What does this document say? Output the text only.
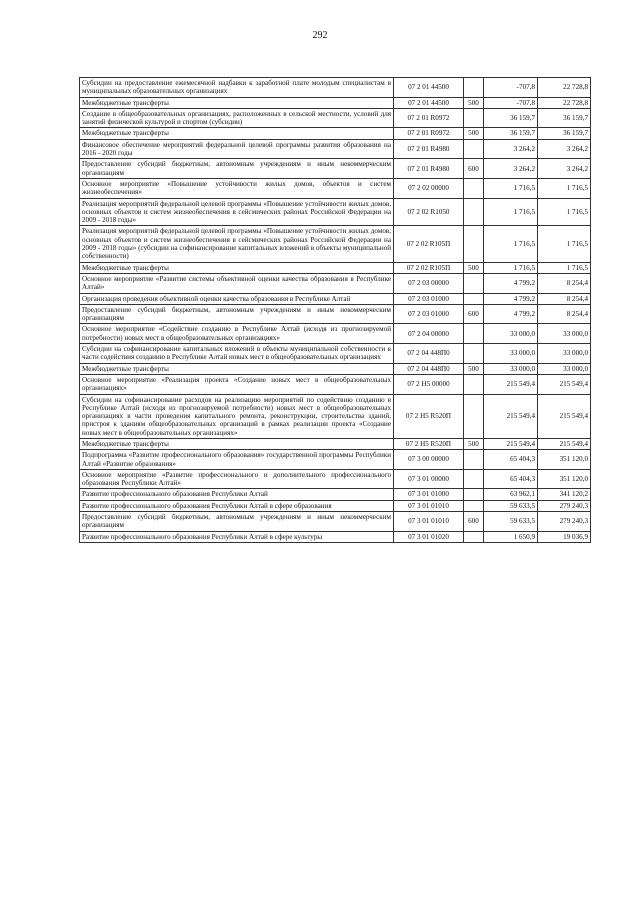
292
Субсидии на предоставление ежемесячной надбавки к заработной плате молодым специалистам в муниципальных образовательных организациях	07 2 01 44500		-707,8	22 728,8
Межбюджетные трансферты	07 2 01 44500	500	-707,8	22 728,8
Создание в общеобразовательных организациях, расположенных в сельской местности, условий для занятий физической культурой и спортом (субсидии)	07 2 01 R0972		36 159,7	36 159,7
Межбюджетные трансферты	07 2 01 R0972	500	36 159,7	36 159,7
Финансовое обеспечение мероприятий федеральной целевой программы развития образования на 2016 - 2020 годы	07 2 01 R4980		3 264,2	3 264,2
Предоставление субсидий бюджетным, автономным учреждениям и иным некоммерческим организациям	07 2 01 R4980	600	3 264,2	3 264,2
Основное мероприятие «Повышение устойчивости жилых домов, объектов и систем жизнеобеспечения»	07 2 02 00000		1 716,5	1 716,5
Реализация мероприятий федеральной целевой программы «Повышение устойчивости жилых домов, основных объектов и систем жизнеобеспечения в сейсмических районах Российской Федерации на 2009 - 2018 годы»	07 2 02 R1050		1 716,5	1 716,5
Реализация мероприятий федеральной целевой программы «Повышение устойчивости жилых домов, основных объектов и систем жизнеобеспечения в сейсмических районах Российской Федерации на 2009 - 2018 годы» (субсидии на софинансирование капитальных вложений в объекты муниципальной собственности)	07 2 02 R105П		1 716,5	1 716,5
Межбюджетные трансферты	07 2 02 R105П	500	1 716,5	1 716,5
Основное мероприятие «Развитие системы объективной оценки качества образования в Республике Алтай»	07 2 03 00000		4 799,2	8 254,4
Организация проведения объективной оценки качества образования в Республике Алтай	07 2 03 01000		4 799,2	8 254,4
Предоставление субсидий бюджетным, автономным учреждениям и иным некоммерческим организациям	07 2 03 01000	600	4 799,2	8 254,4
Основное мероприятие «Содействие созданию в Республике Алтай (исходя из прогнозируемой потребности) новых мест в общеобразовательных организациях»	07 2 04 00000		33 000,0	33 000,0
Субсидии на софинансирование капитальных вложений в объекты муниципальной собственности в части содействия созданию в Республике Алтай новых мест в общеобразовательных организациях	07 2 04 448П0		33 000,0	33 000,0
Межбюджетные трансферты	07 2 04 448П0	500	33 000,0	33 000,0
Основное мероприятие «Реализация проекта «Создание новых мест в общеобразовательных организациях»	07 2 Н5 00000		215 549,4	215 549,4
Субсидии на софинансирование расходов на реализацию мероприятий по содействию созданию в Республике Алтай (исходя из прогнозируемой потребности) новых мест в общеобразовательных организациях в части проведения капитального ремонта, реконструкции, строительства зданий, пристроя к зданиям общеобразовательных организаций в рамках реализации проекта «Создание новых мест в общеобразовательных организациях»	07 2 Н5 R520П		215 549,4	215 549,4
Межбюджетные трансферты	07 2 Н5 R520П	500	215 549,4	215 549,4
Подпрограмма «Развитие профессионального образования» государственной программы Республики Алтай «Развитие образования»	07 3 00 00000		65 404,3	351 120,0
Основное мероприятие «Развитие профессионального и дополнительного профессионального образования Республики Алтай»	07 3 01 00000		65 404,3	351 120,0
Развитие профессионального образования Республики Алтай	07 3 01 01000		63 962,1	341 120,2
Развитие профессионального образования Республики Алтай в сфере образования	07 3 01 01010		59 633,5	279 240,3
Предоставление субсидий бюджетным, автономным учреждениям и иным некоммерческим организациям	07 3 01 01010	600	59 633,5	279 240,3
Развитие профессионального образования Республики Алтай в сфере культуры	07 3 01 01020		1 650,9	19 036,9
